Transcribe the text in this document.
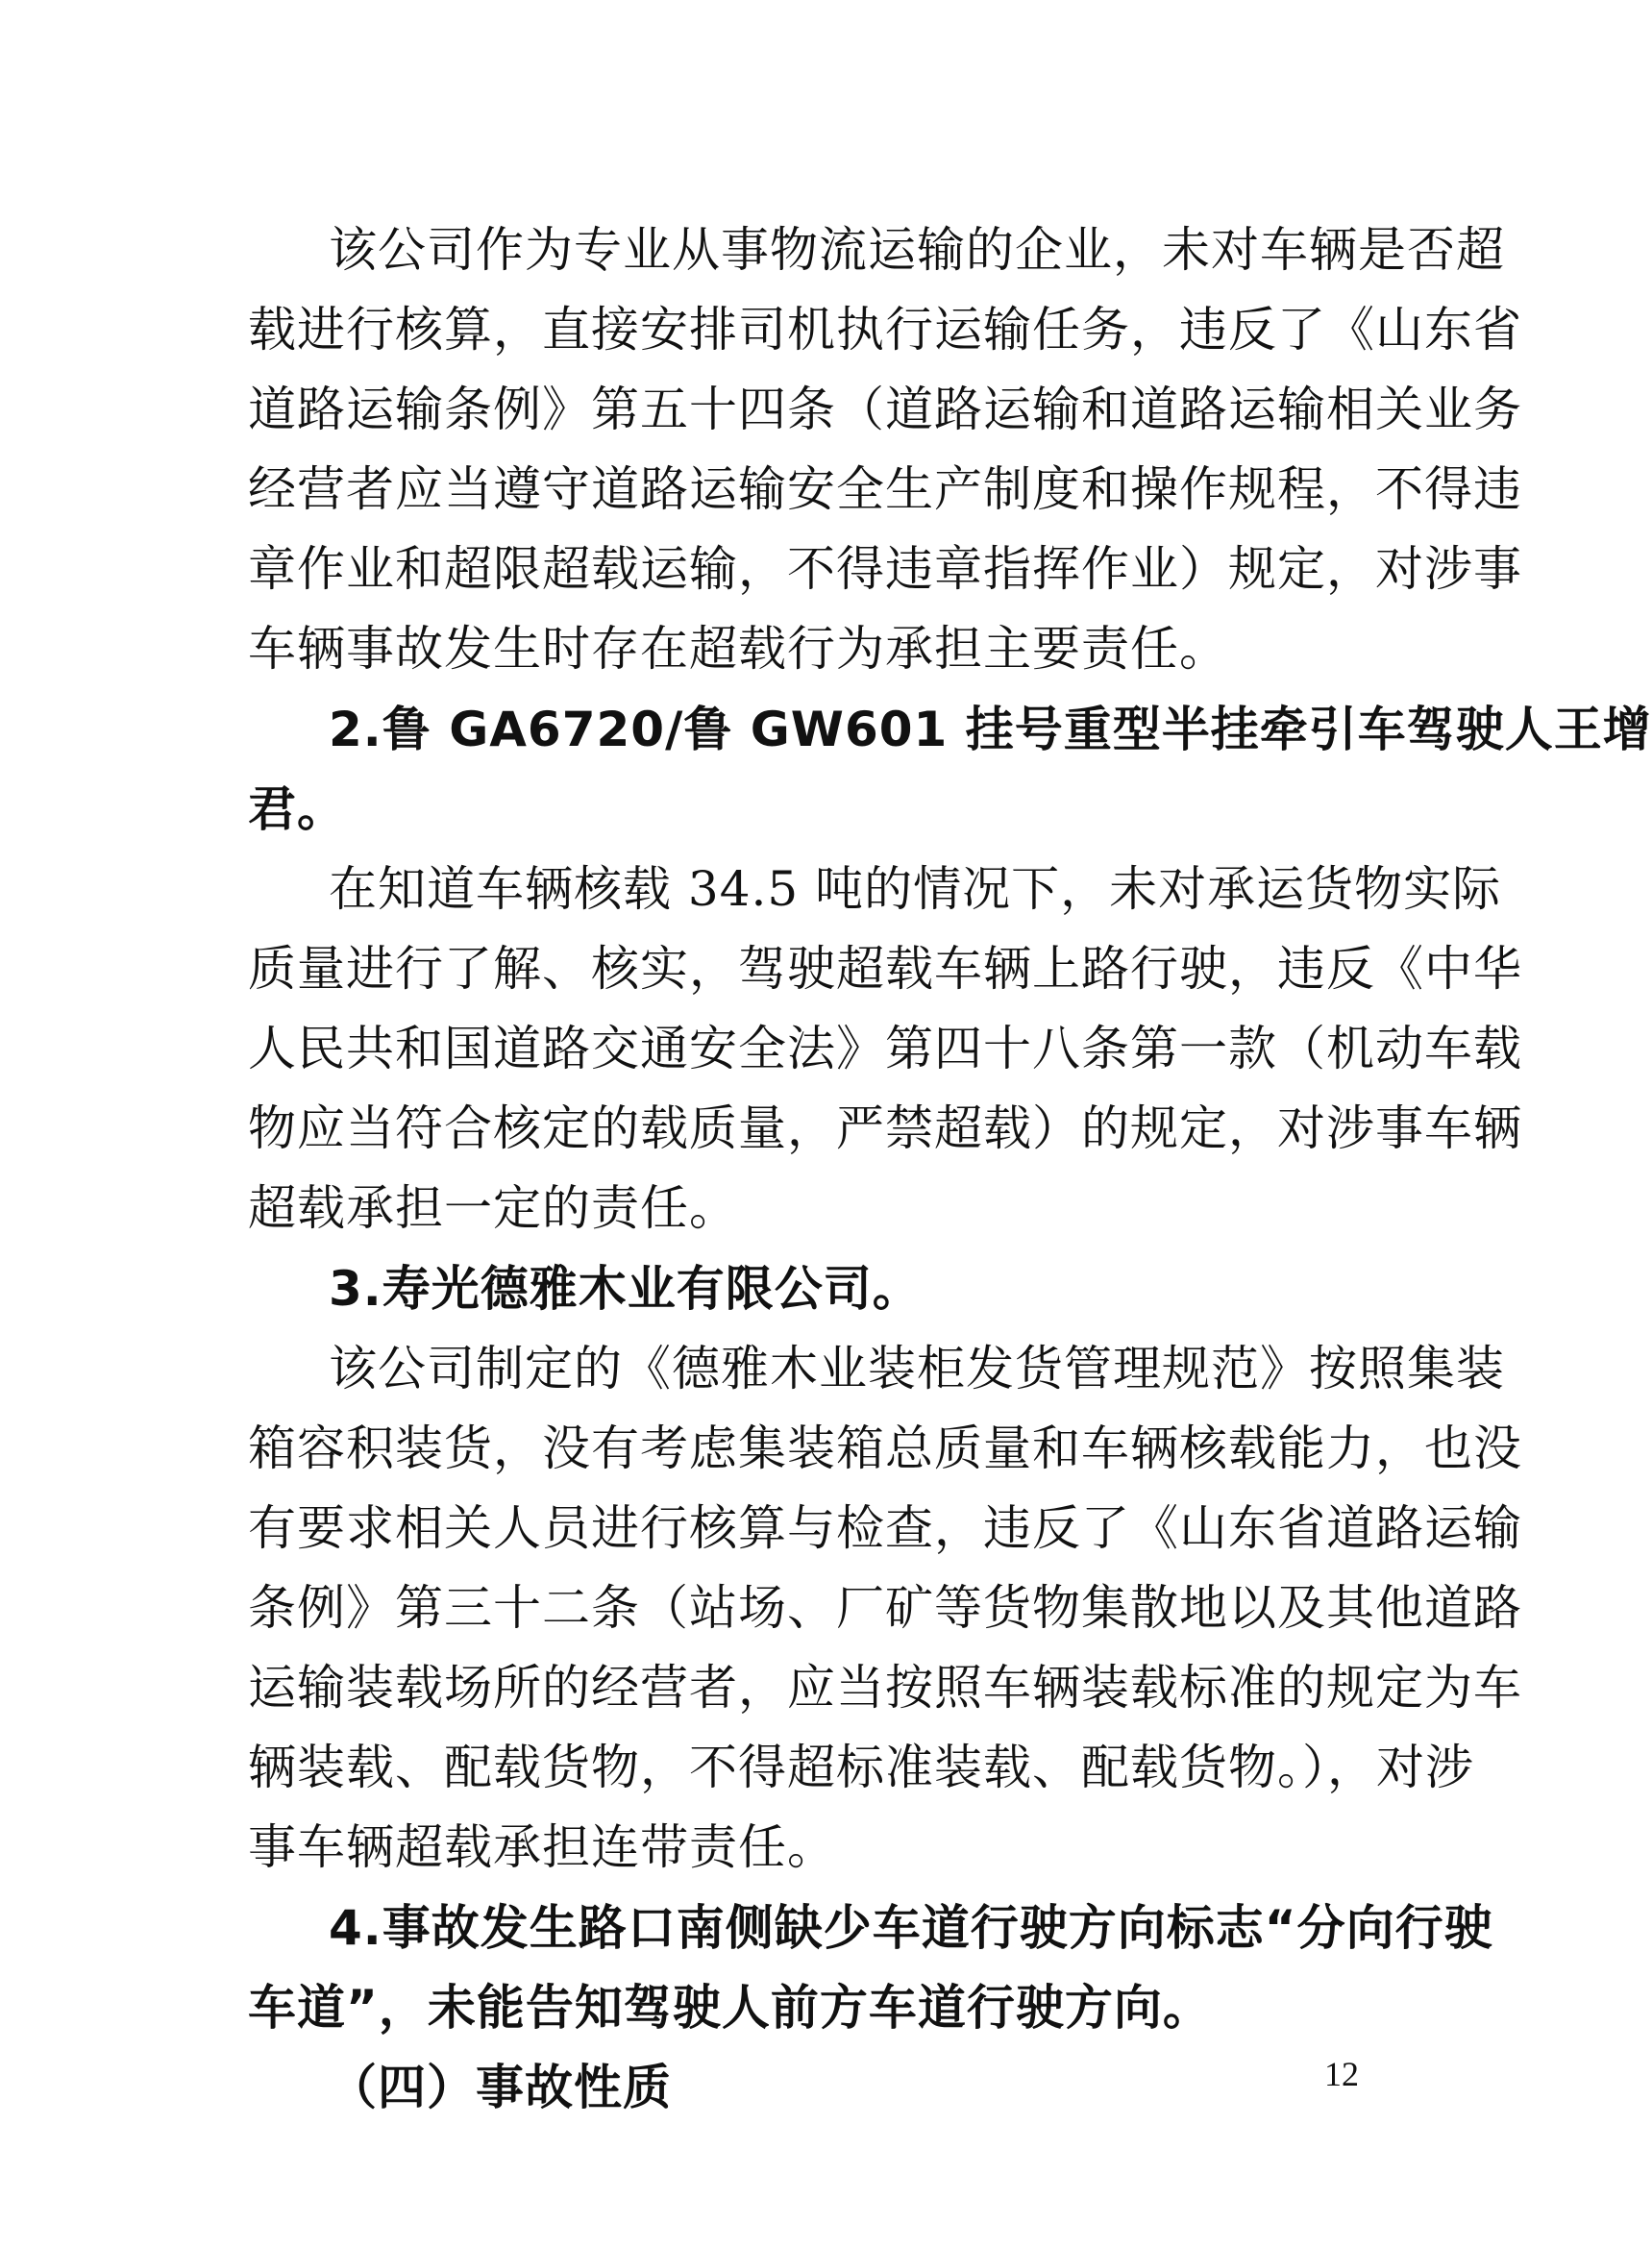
该公司作为专业从事物流运输的企业，未对车辆是否超
载进行核算，直接安排司机执行运输任务，违反了《山东省
道路运输条例》第五十四条（道路运输和道路运输相关业务
经营者应当遵守道路运输安全生产制度和操作规程，不得违
章作业和超限超载运输，不得违章指挥作业）规定，对涉事
车辆事故发生时存在超载行为承担主要责任。
2.鲁 GA6720/鲁 GW601 挂号重型半挂牵引车驾驶人王增
君。
在知道车辆核载 34.5 吨的情况下，未对承运货物实际
质量进行了解、核实，驾驶超载车辆上路行驶，违反《中华
人民共和国道路交通安全法》第四十八条第一款（机动车载
物应当符合核定的载质量，严禁超载）的规定，对涉事车辆
超载承担一定的责任。
3.寿光德雅木业有限公司。
该公司制定的《德雅木业装柜发货管理规范》按照集装
箱容积装货，没有考虑集装箱总质量和车辆核载能力，也没
有要求相关人员进行核算与检查，违反了《山东省道路运输
条例》第三十二条（站场、厂矿等货物集散地以及其他道路
运输装载场所的经营者，应当按照车辆装载标准的规定为车
辆装载、配载货物，不得超标准装载、配载货物。），对涉
事车辆超载承担连带责任。
4.事故发生路口南侧缺少车道行驶方向标志“分向行驶
车道”，未能告知驾驶人前方车道行驶方向。
（四）事故性质	12
